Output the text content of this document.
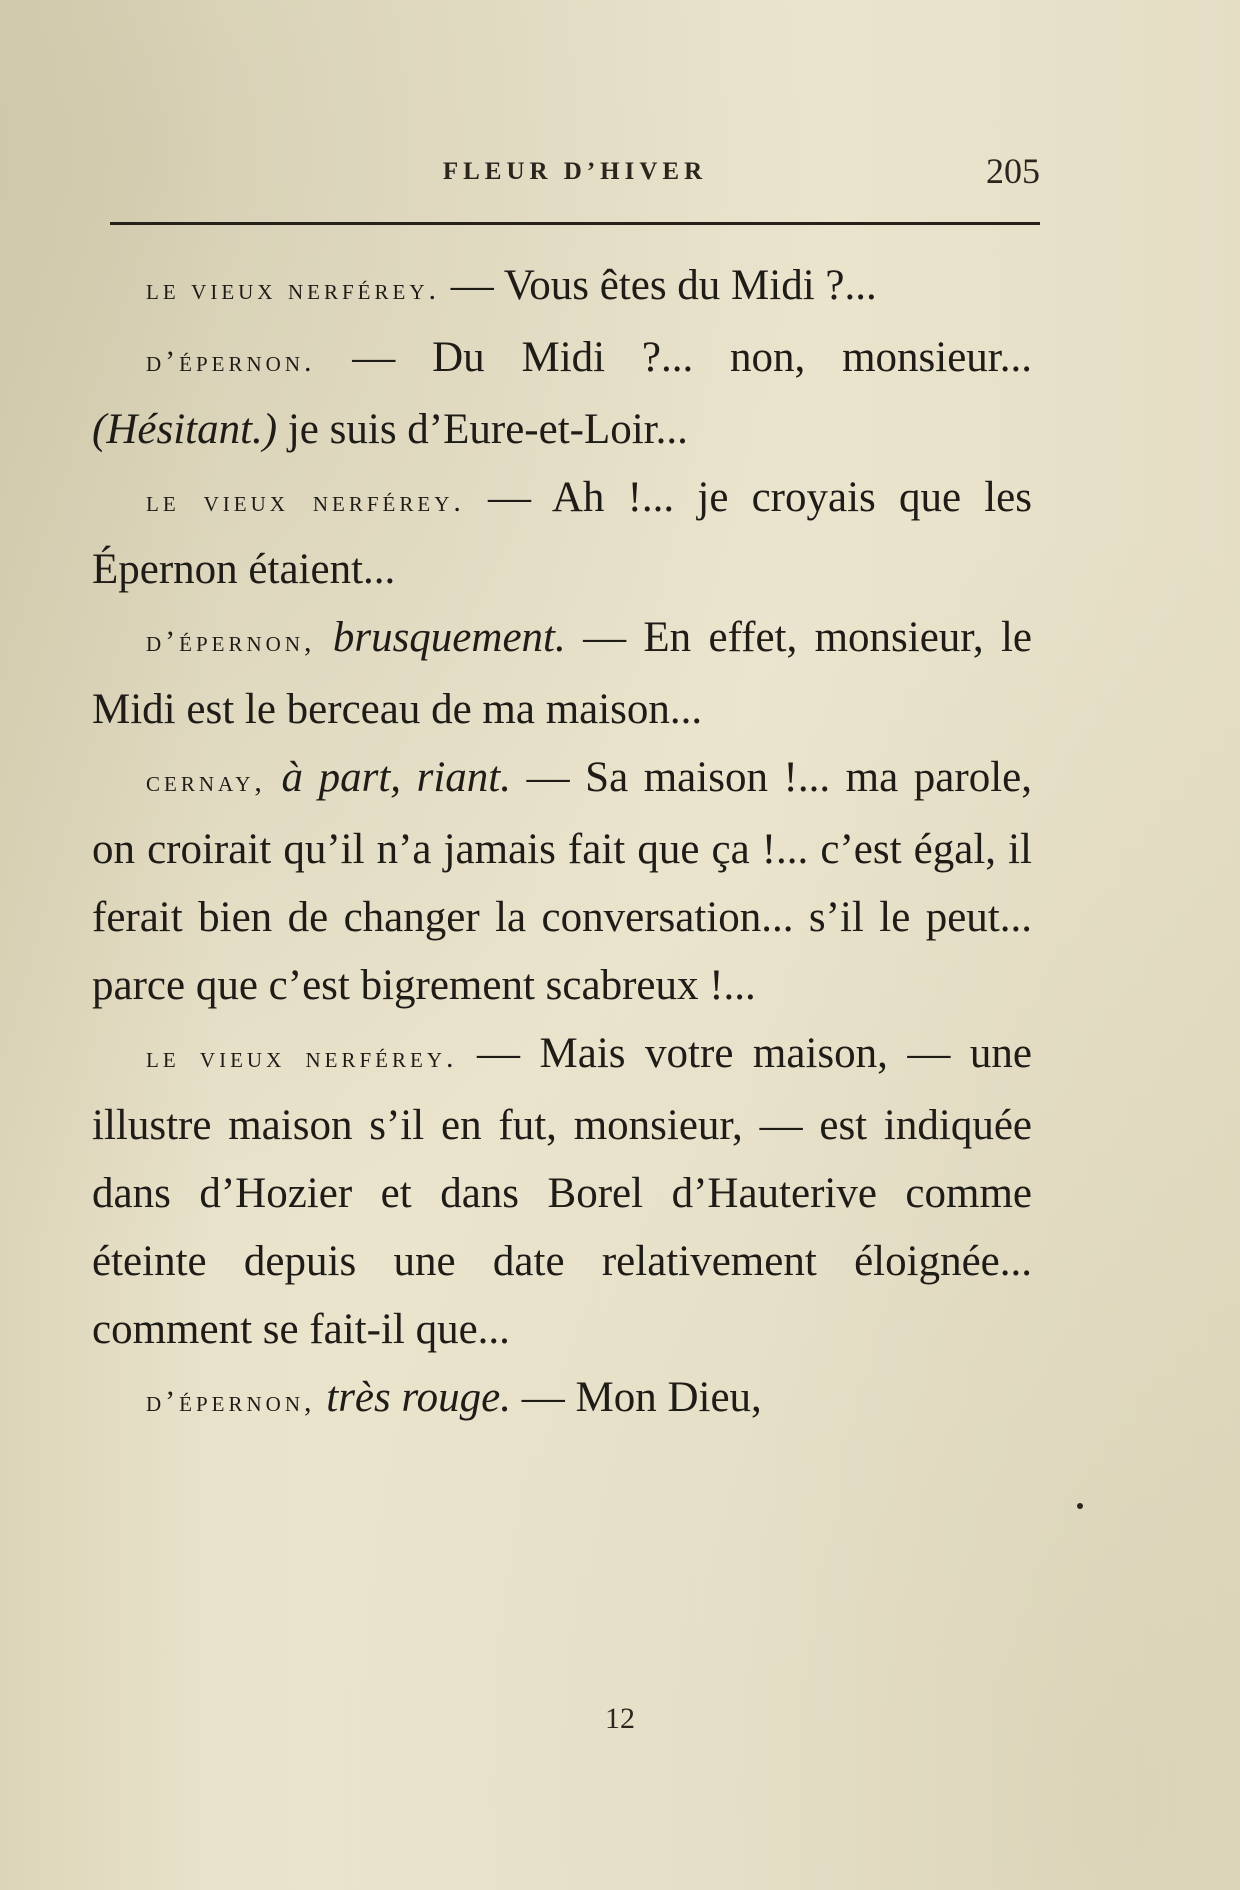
FLEUR D’HIVER	205

le vieux nerférey. — Vous êtes du Midi ?...

d’épernon. — Du Midi ?... non, monsieur... (Hésitant.) je suis d’Eure-et-Loir...

le vieux nerférey. — Ah !... je croyais que les Épernon étaient...

d’épernon, brusquement. — En effet, monsieur, le Midi est le berceau de ma maison...

cernay, à part, riant. — Sa maison !... ma parole, on croirait qu’il n’a jamais fait que ça !... c’est égal, il ferait bien de changer la conversation... s’il le peut... parce que c’est bigrement scabreux !...

le vieux nerférey. — Mais votre maison, — une illustre maison s’il en fut, monsieur, — est indiquée dans d’Hozier et dans Borel d’Hauterive comme éteinte depuis une date relativement éloignée... comment se fait-il que...

d’épernon, très rouge. — Mon Dieu,

12
